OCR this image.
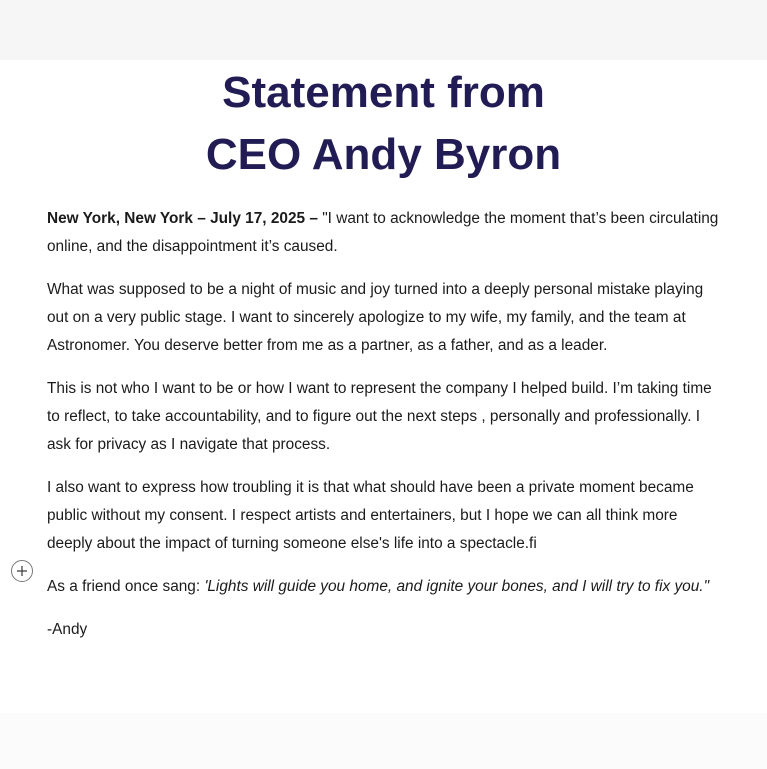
Statement from
CEO Andy Byron

New York, New York – July 17, 2025 – "I want to acknowledge the moment that’s been circulating online, and the disappointment it’s caused.

What was supposed to be a night of music and joy turned into a deeply personal mistake playing out on a very public stage. I want to sincerely apologize to my wife, my family, and the team at Astronomer. You deserve better from me as a partner, as a father, and as a leader.

This is not who I want to be or how I want to represent the company I helped build. I’m taking time to reflect, to take accountability, and to figure out the next steps , personally and professionally. I ask for privacy as I navigate that process.

I also want to express how troubling it is that what should have been a private moment became public without my consent. I respect artists and entertainers, but I hope we can all think more deeply about the impact of turning someone else's life into a spectacle.fi

As a friend once sang: 'Lights will guide you home, and ignite your bones, and I will try to fix you."

-Andy
